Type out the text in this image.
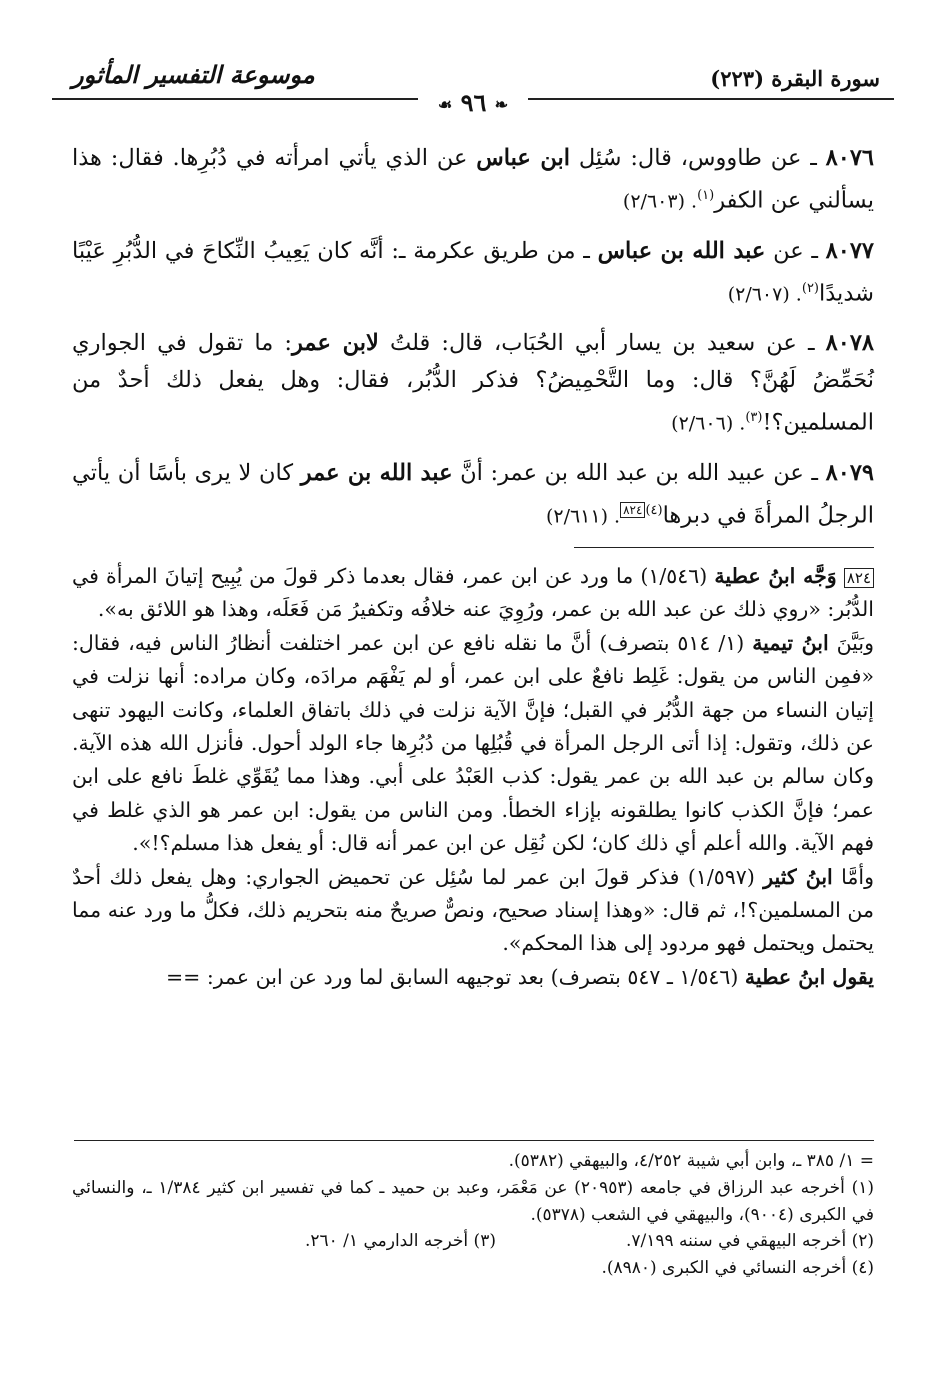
سورة البقرة (٢٢٣)
موسوعة التفسير المأثور
❧ ٩٦ ☙

٨٠٧٦ ـ عن طاووس، قال: سُئِل ابن عباس عن الذي يأتي امرأته في دُبُرِها. فقال: هذا يسألني عن الكفر$^{(١)}$. (٢/٦٠٣)

٨٠٧٧ ـ عن عبد الله بن عباس ـ من طريق عكرمة ـ: أنَّه كان يَعِيبُ النِّكاحَ في الدُّبُرِ عَيْبًا شديدًا$^{(٢)}$. (٢/٦٠٧)

٨٠٧٨ ـ عن سعيد بن يسار أبي الحُبَاب، قال: قلتُ لابن عمر: ما تقول في الجواري نُحَمِّضُ لَهُنَّ؟ قال: وما التَّحْمِيضُ؟ فذكر الدُّبُر، فقال: وهل يفعل ذلك أحدٌ من المسلمين؟!$^{(٣)}$. (٢/٦٠٦)

٨٠٧٩ ـ عن عبيد الله بن عبد الله بن عمر: أنَّ عبد الله بن عمر كان لا يرى بأسًا أن يأتي الرجلُ المرأةَ في دبرها$^{(٤)}$٨٢٤. (٢/٦١١)

٨٢٤ وَجَّه ابنُ عطية (١/٥٤٦) ما ورد عن ابن عمر، فقال بعدما ذكر قولَ من يُبِيح إتيانَ المرأة في الدُّبُر: «روي ذلك عن عبد الله بن عمر، ورُوِيَ عنه خلافُه وتكفيرُ مَن فَعَلَه، وهذا هو اللائق به».

وبَيَّنَ ابنُ تيمية (١/ ٥١٤ بتصرف) أنَّ ما نقله نافع عن ابن عمر اختلفت أنظارُ الناس فيه، فقال: «فمِن الناس من يقول: غَلِط نافعٌ على ابن عمر، أو لم يَفْهَم مرادَه، وكان مراده: أنها نزلت في إتيان النساء من جهة الدُّبُر في القبل؛ فإنَّ الآية نزلت في ذلك باتفاق العلماء، وكانت اليهود تنهى عن ذلك، وتقول: إذا أتى الرجل المرأة في قُبُلِها من دُبُرِها جاء الولد أحول. فأنزل الله هذه الآية. وكان سالم بن عبد الله بن عمر يقول: كذب العَبْدُ على أبي. وهذا مما يُقَوِّي غلطَ نافع على ابن عمر؛ فإنَّ الكذب كانوا يطلقونه بإزاء الخطأ. ومن الناس من يقول: ابن عمر هو الذي غلط في فهم الآية. والله أعلم أي ذلك كان؛ لكن نُقِل عن ابن عمر أنه قال: أو يفعل هذا مسلم؟!».

وأمَّا ابنُ كثير (١/٥٩٧) فذكر قولَ ابن عمر لما سُئِل عن تحميض الجواري: وهل يفعل ذلك أحدٌ من المسلمين؟!، ثم قال: «وهذا إسناد صحيح، ونصٌّ صريحٌ منه بتحريم ذلك، فكلُّ ما ورد عنه مما يحتمل ويحتمل فهو مردود إلى هذا المحكم».

يقول ابنُ عطية (١/٥٤٦ ـ ٥٤٧ بتصرف) بعد توجيهه السابق لما ورد عن ابن عمر: ==

= ١/ ٣٨٥ ـ، وابن أبي شيبة ٤/٢٥٢، والبيهقي (٥٣٨٢).

(١) أخرجه عبد الرزاق في جامعه (٢٠٩٥٣) عن مَعْمَر، وعبد بن حميد ـ كما في تفسير ابن كثير ١/٣٨٤ ـ، والنسائي في الكبرى (٩٠٠٤)، والبيهقي في الشعب (٥٣٧٨).

(٢) أخرجه البيهقي في سننه ٧/١٩٩.
(٣) أخرجه الدارمي ١/ ٢٦٠.

(٤) أخرجه النسائي في الكبرى (٨٩٨٠).
